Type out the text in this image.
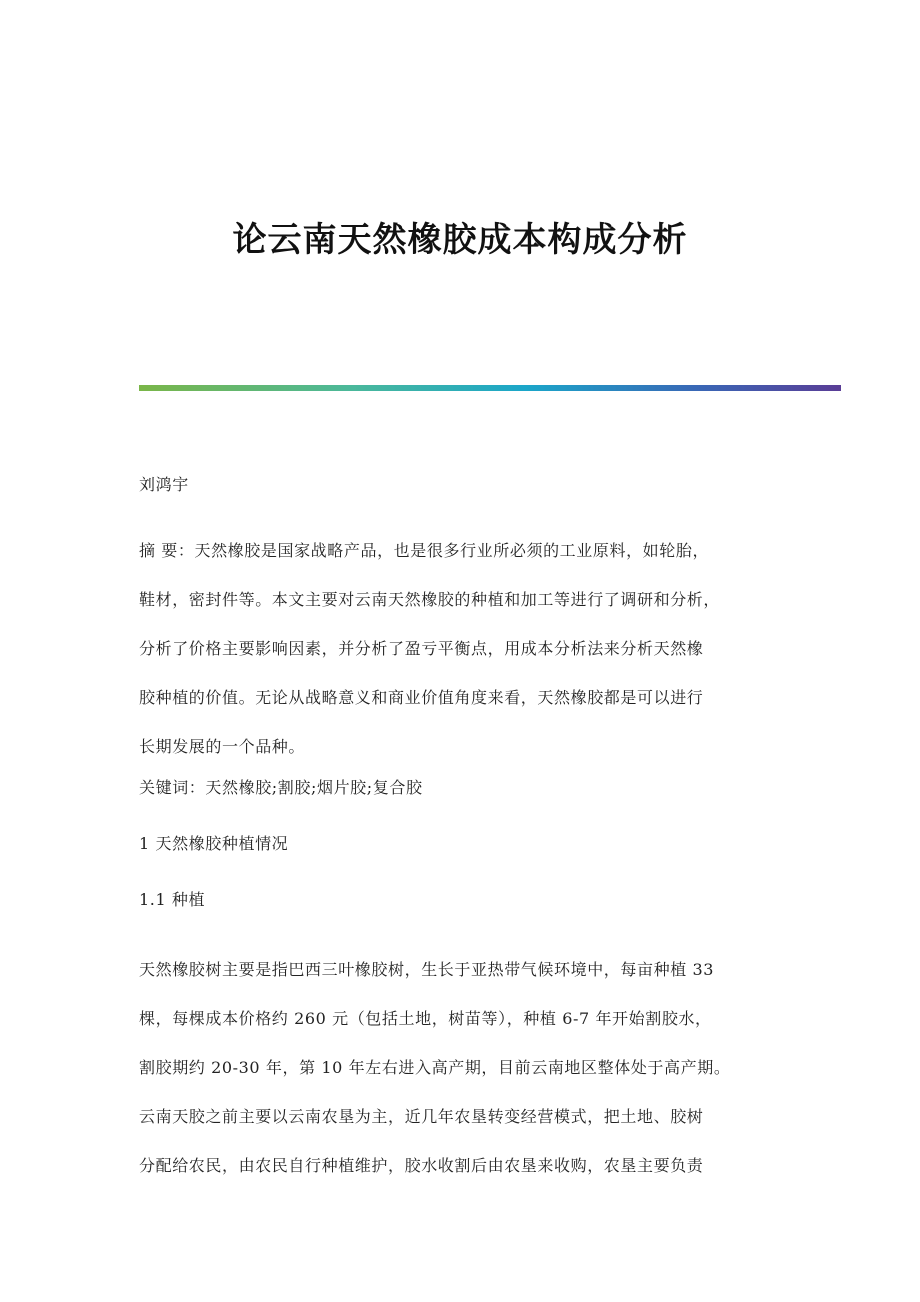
论云南天然橡胶成本构成分析
刘鸿宇
摘 要：天然橡胶是国家战略产品，也是很多行业所必须的工业原料，如轮胎，
鞋材，密封件等。本文主要对云南天然橡胶的种植和加工等进行了调研和分析，
分析了价格主要影响因素，并分析了盈亏平衡点，用成本分析法来分析天然橡
胶种植的价值。无论从战略意义和商业价值角度来看，天然橡胶都是可以进行
长期发展的一个品种。
关键词：天然橡胶;割胶;烟片胶;复合胶
1 天然橡胶种植情况
1.1 种植
天然橡胶树主要是指巴西三叶橡胶树，生长于亚热带气候环境中，每亩种植 33
棵，每棵成本价格约 260 元（包括土地，树苗等），种植 6-7 年开始割胶水，
割胶期约 20-30 年，第 10 年左右进入高产期，目前云南地区整体处于高产期。
云南天胶之前主要以云南农垦为主，近几年农垦转变经营模式，把土地、胶树
分配给农民，由农民自行种植维护，胶水收割后由农垦来收购，农垦主要负责
